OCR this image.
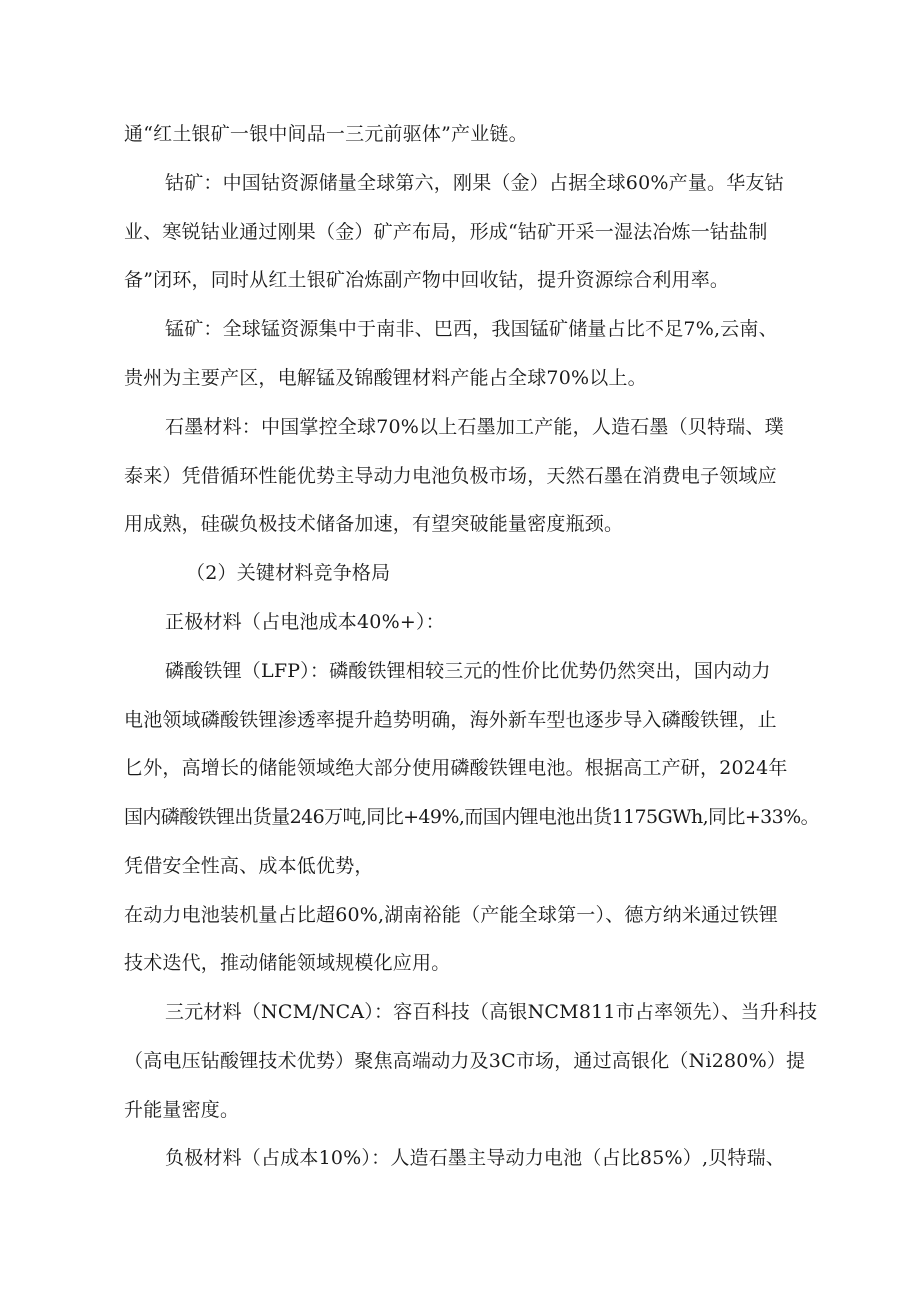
通“红土银矿一银中间品一三元前驱体”产业链。
钴矿：中国钴资源储量全球第六，刚果（金）占据全球60%产量。华友钴
业、寒锐钴业通过刚果（金）矿产布局，形成“钴矿开采一湿法冶炼一钴盐制
备”闭环，同时从红土银矿冶炼副产物中回收钴，提升资源综合利用率。
锰矿：全球锰资源集中于南非、巴西，我国锰矿储量占比不足7%,云南、
贵州为主要产区，电解锰及锦酸锂材料产能占全球70%以上。
石墨材料：中国掌控全球70%以上石墨加工产能，人造石墨（贝特瑞、璞
泰来）凭借循环性能优势主导动力电池负极市场，天然石墨在消费电子领域应
用成熟，硅碳负极技术储备加速，有望突破能量密度瓶颈。
（2）关键材料竞争格局
正极材料（占电池成本40%+）：
磷酸铁锂（LFP）：磷酸铁锂相较三元的性价比优势仍然突出，国内动力
电池领域磷酸铁锂渗透率提升趋势明确，海外新车型也逐步导入磷酸铁锂，止
匕外，高增长的储能领域绝大部分使用磷酸铁锂电池。根据高工产研，2024年
国内磷酸铁锂出货量246万吨,同比+49%,而国内锂电池出货1175GWh,同比+33%。
凭借安全性高、成本低优势，
在动力电池装机量占比超60%,湖南裕能（产能全球第一）、德方纳米通过铁锂
技术迭代，推动储能领域规模化应用。
三元材料（NCM/NCA）：容百科技（高银NCM811市占率领先）、当升科技
（高电压钻酸锂技术优势）聚焦高端动力及3C市场，通过高银化（Ni280%）提
升能量密度。
负极材料（占成本10%）：人造石墨主导动力电池（占比85%）,贝特瑞、
